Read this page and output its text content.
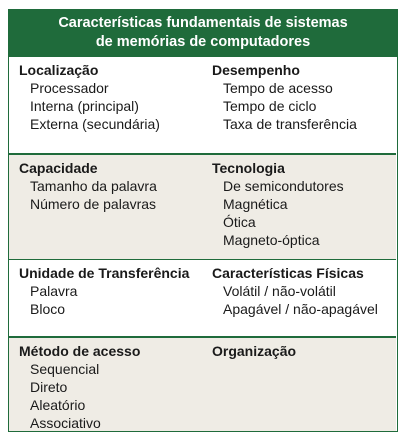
Características fundamentais de sistemas
de memórias de computadores
Localização
Processador
Interna (principal)
Externa (secundária)
Desempenho
Tempo de acesso
Tempo de ciclo
Taxa de transferência
Capacidade
Tamanho da palavra
Número de palavras
Tecnologia
De semicondutores
Magnética
Ótica
Magneto-óptica
Unidade de Transferência
Palavra
Bloco
Características Físicas
Volátil / não-volátil
Apagável / não-apagável
Método de acesso
Sequencial
Direto
Aleatório
Associativo
Organização
